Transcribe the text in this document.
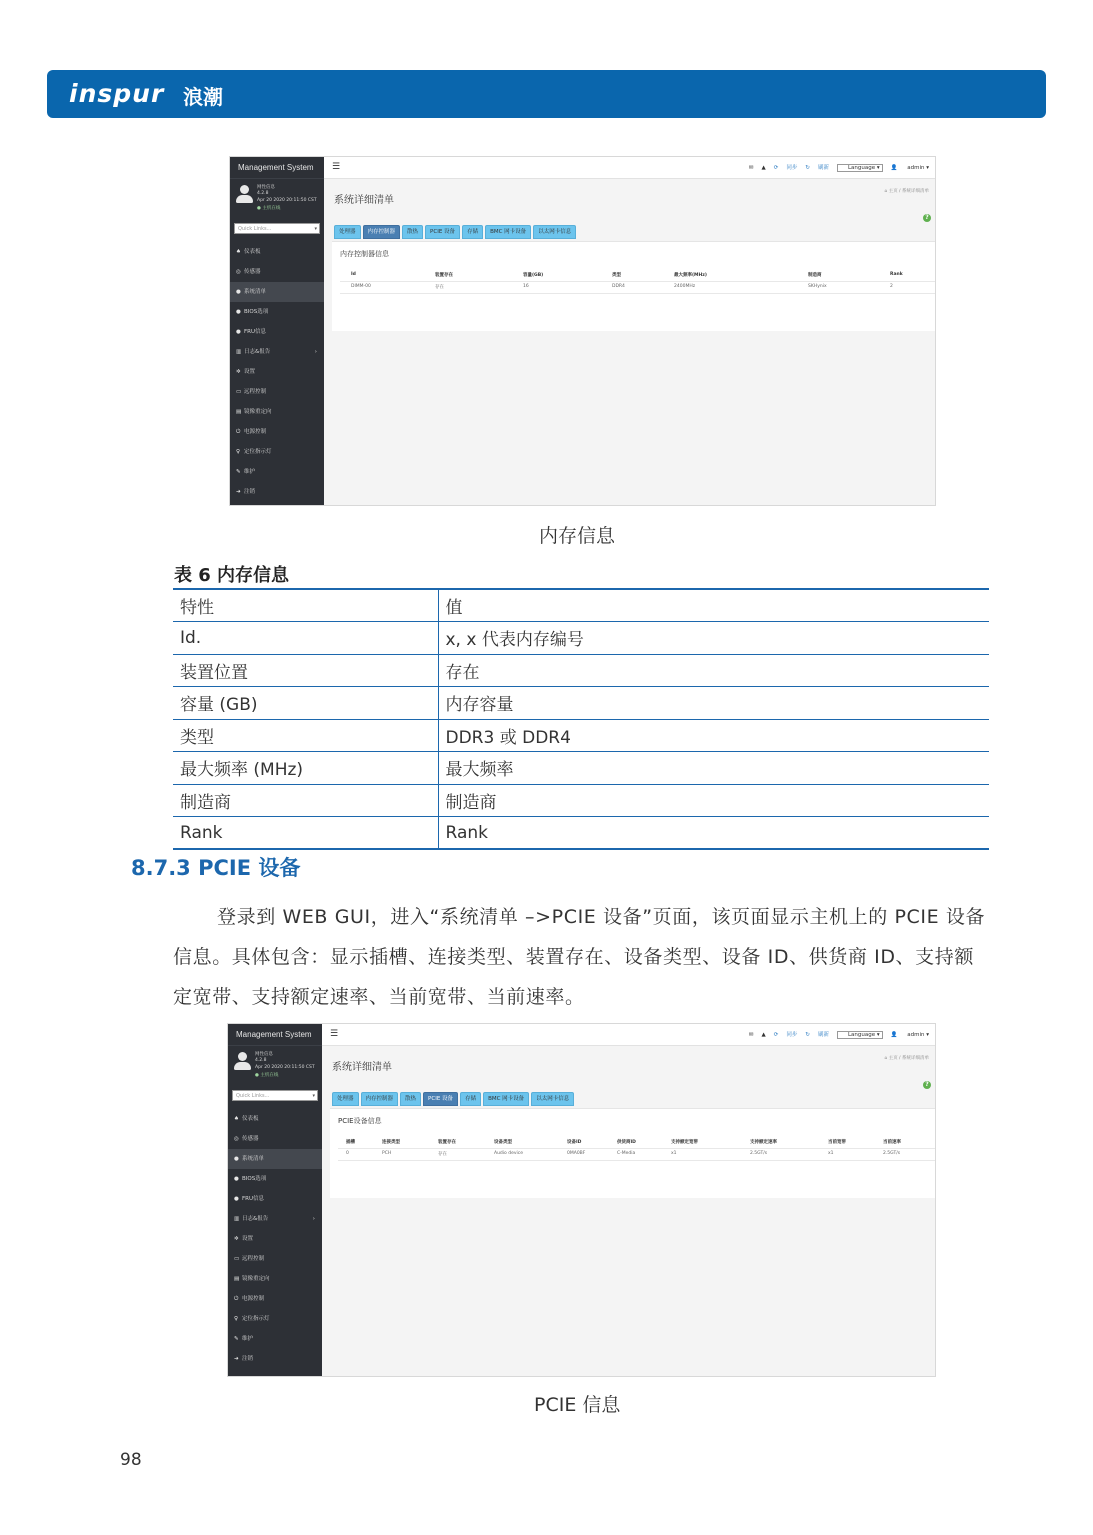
inspur 浪潮
Management System
网性信息
4.2.8
Apr 20 2020 20:11:50 CST
● 主机在线
Quick Links...	▾
♠ 仪表板
◎ 传感器
● 系统清单
● BIOS选项
● FRU信息
▥ 日志&报告	›
✲ 设置
▭ 远程控制
▤ 镜像重定向
⏻ 电源控制
♀ 定位指示灯
✎ 维护
➜ 注销
☰	✉ ▲ ⟳ 同步 ↻ 刷新	Language ▾ 👤 admin ▾
系统详细清单
⌂ 主页 / 系统详细清单
?
处理器 内存控制器 散热 PCIE 设备 存储 BMC 网卡设备 以太网卡信息
内存控制器信息
Id	装置存在	容量(GB)	类型	最大频率(MHz)	制造商	Rank
DIMM-00	存在	16	DDR4	2400MHz	SKHynix	2
内存信息
表 6 内存信息
特性	值
Id.	x, x 代表内存编号
装置位置	存在
容量 (GB)	内存容量
类型	DDR3 或 DDR4
最大频率 (MHz)	最大频率
制造商	制造商
Rank	Rank
8.7.3 PCIE 设备
登录到 WEB GUI，进入“系统清单 –>PCIE 设备”页面，该页面显示主机上的 PCIE 设备信息。具体包含：显示插槽、连接类型、装置存在、设备类型、设备 ID、供货商 ID、支持额定宽带、支持额定速率、当前宽带、当前速率。
Management System
网性信息
4.2.8
Apr 20 2020 20:11:50 CST
● 主机在线
Quick Links...	▾
♠ 仪表板
◎ 传感器
● 系统清单
● BIOS选项
● FRU信息
▥ 日志&报告	›
✲ 设置
▭ 远程控制
▤ 镜像重定向
⏻ 电源控制
♀ 定位指示灯
✎ 维护
➜ 注销
☰	✉ ▲ ⟳ 同步 ↻ 刷新	Language ▾ 👤 admin ▾
系统详细清单
⌂ 主页 / 系统详细清单
?
处理器 内存控制器 散热 PCIE 设备 存储 BMC 网卡设备 以太网卡信息
PCIE设备信息
插槽	连接类型	装置存在	设备类型	设备ID	供货商ID	支持额定宽带	支持额定速率	当前宽带	当前速率
0	PCH	存在	Audio device	0MA0BF	C-Media	x1	2.5GT/s	x1	2.5GT/s
PCIE 信息
98
